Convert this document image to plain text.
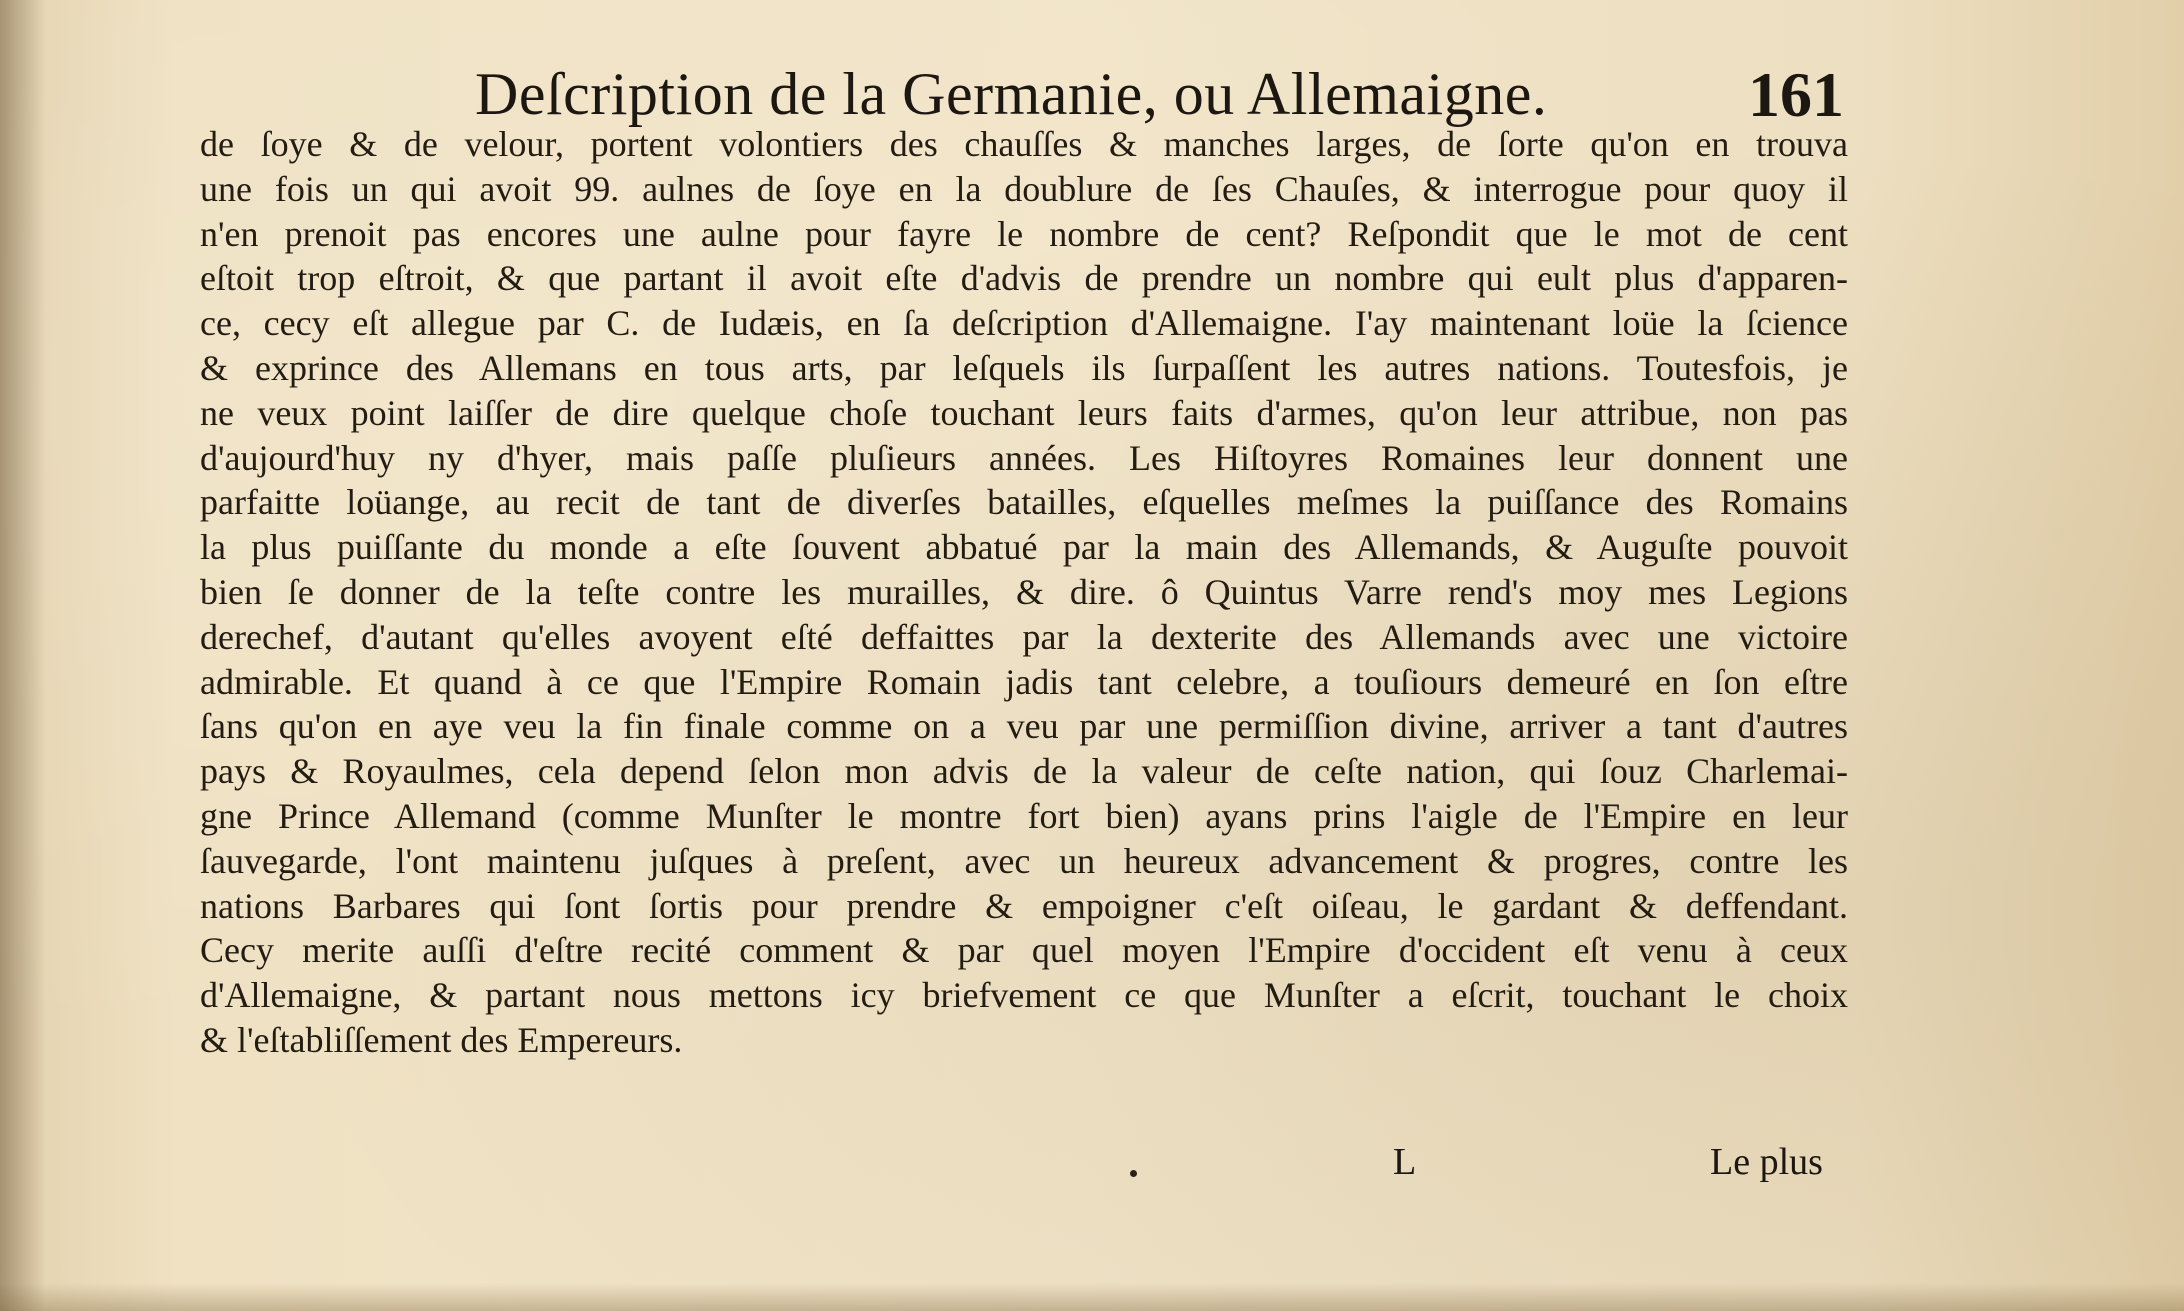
Deſcription de la Germanie, ou Allemaigne.	161
de ſoye & de velour, portent volontiers des chauſſes & manches larges, de ſorte qu'on en trouva
une fois un qui avoit 99. aulnes de ſoye en la doublure de ſes Chauſes, & interrogue pour quoy il
n'en prenoit pas encores une aulne pour fayre le nombre de cent? Reſpondit que le mot de cent
eſtoit trop eſtroit, & que partant il avoit eſte d'advis de prendre un nombre qui eult plus d'apparen-
ce, cecy eſt allegue par C. de Iudæis, en ſa deſcription d'Allemaigne. I'ay maintenant loüe la ſcience
& exprince des Allemans en tous arts, par leſquels ils ſurpaſſent les autres nations. Toutesfois, je
ne veux point laiſſer de dire quelque choſe touchant leurs faits d'armes, qu'on leur attribue, non pas
d'aujourd'huy ny d'hyer, mais paſſe pluſieurs années. Les Hiſtoyres Romaines leur donnent une
parfaitte loüange, au recit de tant de diverſes batailles, eſquelles meſmes la puiſſance des Romains
la plus puiſſante du monde a eſte ſouvent abbatué par la main des Allemands, & Auguſte pouvoit
bien ſe donner de la teſte contre les murailles, & dire. ô Quintus Varre rend's moy mes Legions
derechef, d'autant qu'elles avoyent eſté deffaittes par la dexterite des Allemands avec une victoire
admirable. Et quand à ce que l'Empire Romain jadis tant celebre, a touſiours demeuré en ſon eſtre
ſans qu'on en aye veu la fin finale comme on a veu par une permiſſion divine, arriver a tant d'autres
pays & Royaulmes, cela depend ſelon mon advis de la valeur de ceſte nation, qui ſouz Charlemai-
gne Prince Allemand (comme Munſter le montre fort bien) ayans prins l'aigle de l'Empire en leur
ſauvegarde, l'ont maintenu juſques à preſent, avec un heureux advancement & progres, contre les
nations Barbares qui ſont ſortis pour prendre & empoigner c'eſt oiſeau, le gardant & deffendant.
Cecy merite auſſi d'eſtre recité comment & par quel moyen l'Empire d'occident eſt venu à ceux
d'Allemaigne, & partant nous mettons icy briefvement ce que Munſter a eſcrit, touchant le choix
& l'eſtabliſſement des Empereurs.
L	Le plus
